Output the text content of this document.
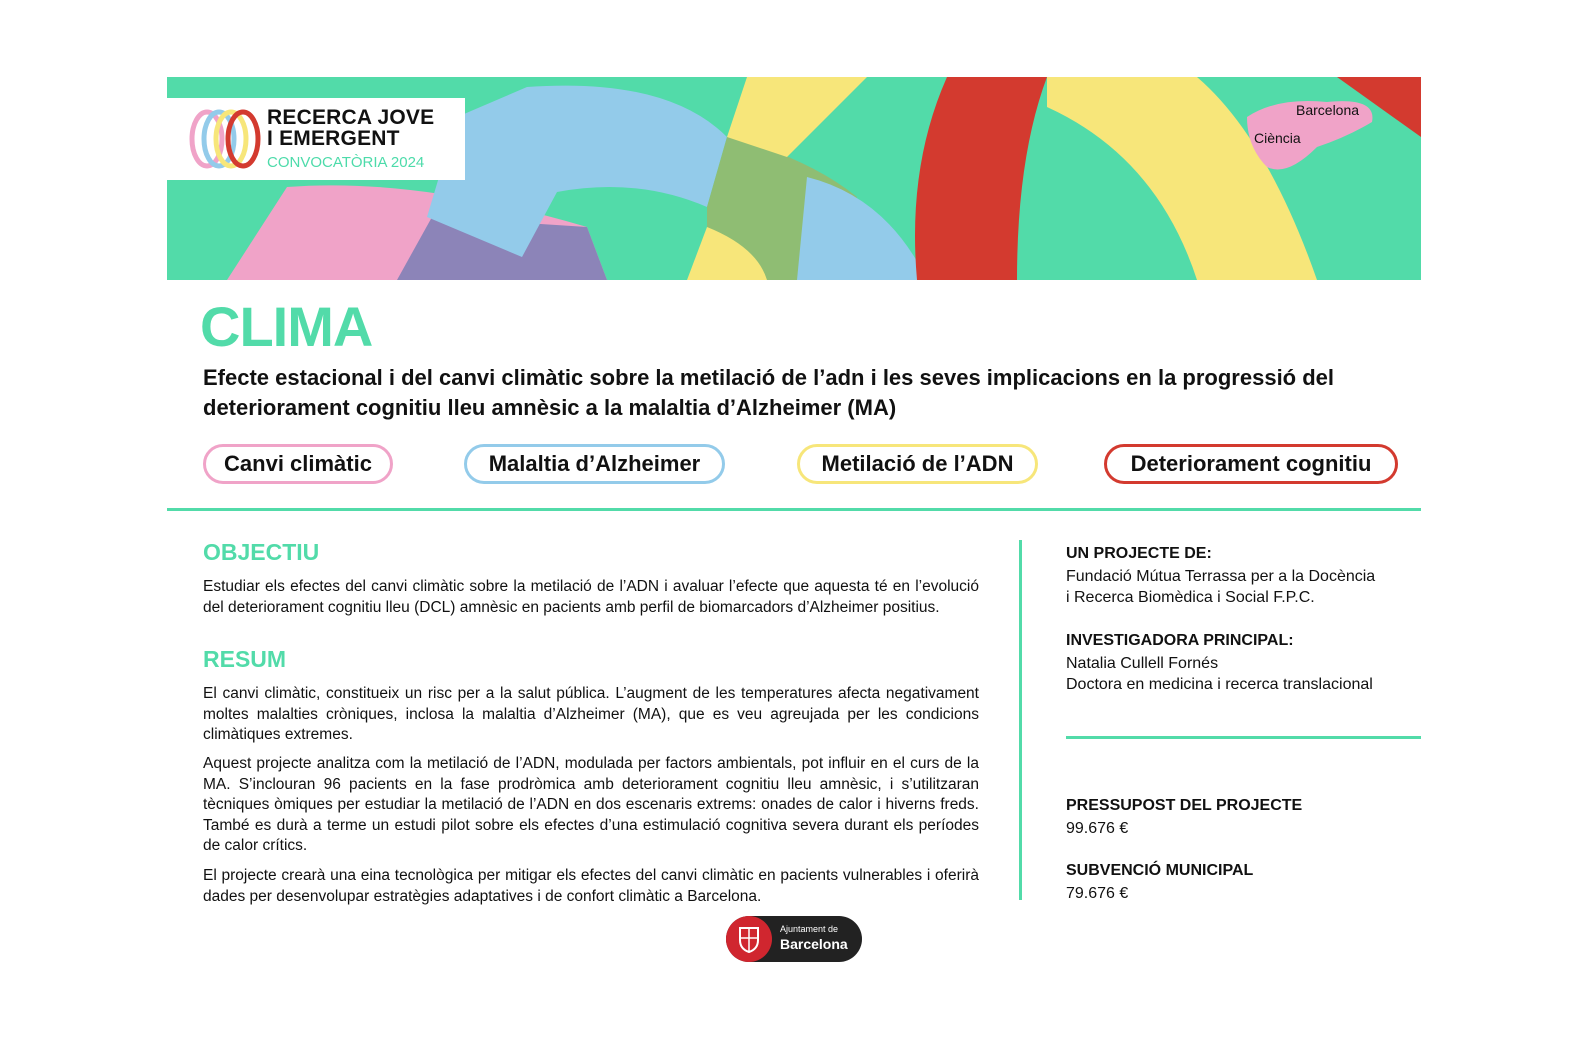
Barcelona
Ciència
RECERCA JOVE
I EMERGENT
CONVOCATÒRIA 2024
CLIMA
Efecte estacional i del canvi climàtic sobre la metilació de l’adn i les seves implicacions en la progressió del deteriorament cognitiu lleu amnèsic a la malaltia d’Alzheimer (MA)
Canvi climàtic	Malaltia d’Alzheimer	Metilació de l’ADN	Deteriorament cognitiu
OBJECTIU

Estudiar els efectes del canvi climàtic sobre la metilació de l’ADN i avaluar l’efecte que aquesta té en l’evolució del deteriorament cognitiu lleu (DCL) amnèsic en pacients amb perfil de biomarcadors d’Alzheimer positius.

RESUM

El canvi climàtic, constitueix un risc per a la salut pública. L’augment de les temperatures afecta negativament moltes malalties cròniques, inclosa la malaltia d’Alzheimer (MA), que es veu agreujada per les condicions climàtiques extremes.

Aquest projecte analitza com la metilació de l’ADN, modulada per factors ambientals, pot influir en el curs de la MA. S’inclouran 96 pacients en la fase prodròmica amb deteriorament cognitiu lleu amnèsic, i s’utilitzaran tècniques òmiques per estudiar la metilació de l’ADN en dos escenaris extrems: onades de calor i hiverns freds. També es durà a terme un estudi pilot sobre els efectes d’una estimulació cognitiva severa durant els períodes de calor crítics.

El projecte crearà una eina tecnològica per mitigar els efectes del canvi climàtic en pacients vulnerables i oferirà dades per desenvolupar estratègies adaptatives i de confort climàtic a Barcelona.

UN PROJECTE DE:
Fundació Mútua Terrassa per a la Docència
i Recerca Biomèdica i Social F.P.C.
INVESTIGADORA PRINCIPAL:
Natalia Cullell Fornés
Doctora en medicina i recerca translacional
PRESSUPOST DEL PROJECTE
99.676 €
SUBVENCIÓ MUNICIPAL
79.676 €
Ajuntament de
Barcelona
